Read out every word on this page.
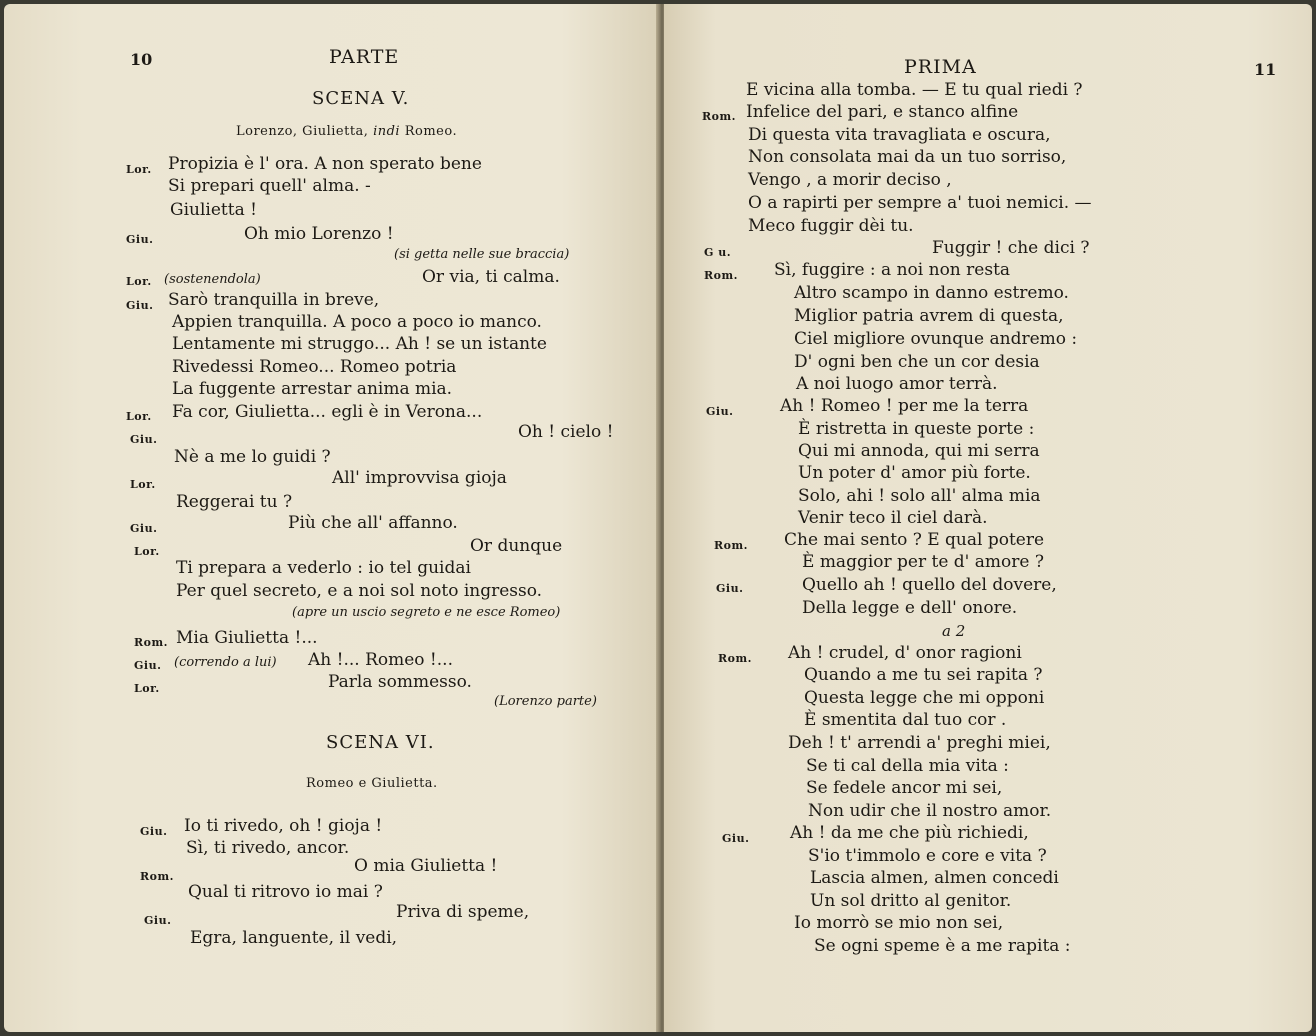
10	PARTE
SCENA V.
Lorenzo, Giulietta, indi Romeo.
Lor. Propizia è l' ora. A non sperato bene
Si prepari quell' alma. -
Giulietta !
Giu.	Oh mio Lorenzo !
(si getta nelle sue braccia)
Lor. (sostenendola)	Or via, ti calma.
Giu. Sarò tranquilla in breve,
Appien tranquilla. A poco a poco io manco.
Lentamente mi struggo... Ah ! se un istante
Rivedessi Romeo... Romeo potria
La fuggente arrestar anima mia.
Lor. Fa cor, Giulietta... egli è in Verona...
Giu.	Oh ! cielo !
Nè a me lo guidi ?
Lor.	All' improvvisa gioja
Reggerai tu ?
Giu.	Più che all' affanno.
Lor.	Or dunque
Ti prepara a vederlo : io tel guidai
Per quel secreto, e a noi sol noto ingresso.
(apre un uscio segreto e ne esce Romeo)
Rom. Mia Giulietta !...
Giu. (correndo a lui) Ah !... Romeo !...
Lor.	Parla sommesso.
(Lorenzo parte)
SCENA VI.
Romeo e Giulietta.
Giu. Io ti rivedo, oh ! gioja !
Sì, ti rivedo, ancor.
Rom.
O mia Giulietta !
Qual ti ritrovo io mai ?
Giu.	Priva di speme,
Egra, languente, il vedi,
PRIMA	11
E vicina alla tomba. — E tu qual riedi ?
Rom. Infelice del pari, e stanco alfine
Di questa vita travagliata e oscura,
Non consolata mai da un tuo sorriso,
Vengo , a morir deciso ,
O a rapirti per sempre a' tuoi nemici. —
Meco fuggir dèi tu.
G u.	Fuggir ! che dici ?
Rom. Sì, fuggire : a noi non resta
Altro scampo in danno estremo.
Miglior patria avrem di questa,
Ciel migliore ovunque andremo :
D' ogni ben che un cor desia
A noi luogo amor terrà.
Giu.	Ah ! Romeo ! per me la terra
È ristretta in queste porte :
Qui mi annoda, qui mi serra
Un poter d' amor più forte.
Solo, ahi ! solo all' alma mia
Venir teco il ciel darà.
Rom. Che mai sento ? E qual potere
È maggior per te d' amore ?
Giu.	Quello ah ! quello del dovere,
Della legge e dell' onore.
a 2
Rom. Ah ! crudel, d' onor ragioni
Quando a me tu sei rapita ?
Questa legge che mi opponi
È smentita dal tuo cor .
Deh ! t' arrendi a' preghi miei,
Se ti cal della mia vita :
Se fedele ancor mi sei,
Non udir che il nostro amor.
Giu. Ah ! da me che più richiedi,
S'io t'immolo e core e vita ?
Lascia almen, almen concedi
Un sol dritto al genitor.
Io morrò se mio non sei,
Se ogni speme è a me rapita :
